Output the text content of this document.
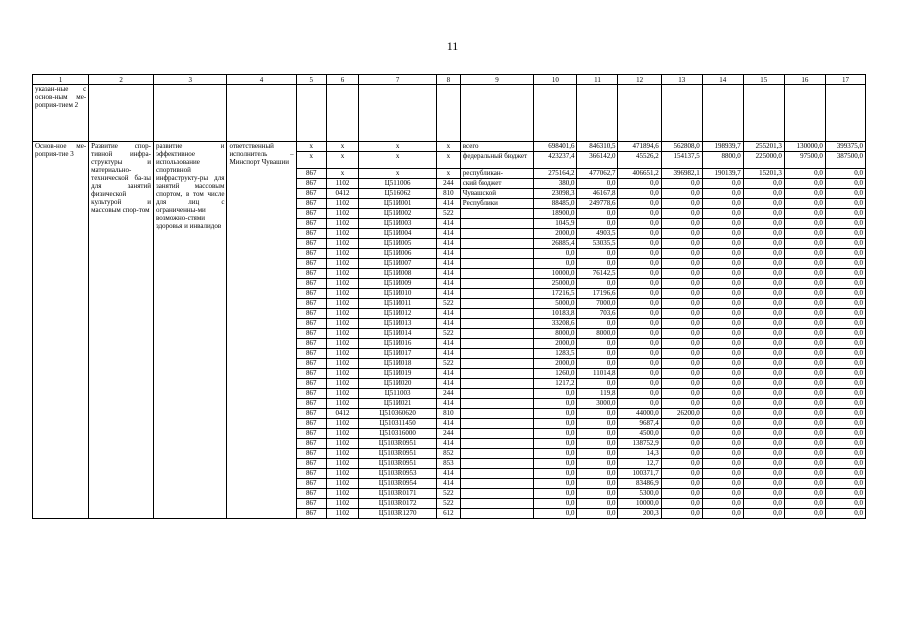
11
1	2	3	4	5	6	7	8	9	10	11	12	13	14	15	16	17
указан-ные с основ-ным ме-роприя-тием 2																
Основ-ное ме-роприя-тие 3	Развитие спор-тивной инфра-структуры и материально-технической ба-зы для занятий физической культурой и массовым спор-том	развитие и эффективное использование спортивной инфраструкту-ры для занятий массовым спортом, в том числе для лиц с ограниченны-ми возможно-стями здоровья и инвалидов	ответственный исполнитель – Минспорт Чувашии	x	x	x	x	всего	698401,6	846310,5	471894,6	562808,0	198939,7	255201,3	130000,0	399375,0
				x	x	x	x	федеральный бюджет	423237,4	366142,0	45526,2	154137,5	8800,0	225000,0	97500,0	387500,0
				867	x	x	x	республикан-	275164,2	477062,7	406651,2	396982,1	190139,7	15201,3	0,0	0,0
				867	1102	Ц511006	244	ский бюджет	380,0	0,0	0,0	0,0	0,0	0,0	0,0	0,0
				867	0412	Ц516062	810	Чувашской	23098,3	46167,8	0,0	0,0	0,0	0,0	0,0	0,0
				867	1102	Ц51И001	414	Республики	88485,0	249778,6	0,0	0,0	0,0	0,0	0,0	0,0
				867	1102	Ц51И002	522		18900,0	0,0	0,0	0,0	0,0	0,0	0,0	0,0
				867	1102	Ц51И003	414		1045,9	0,0	0,0	0,0	0,0	0,0	0,0	0,0
				867	1102	Ц51И004	414		2000,0	4903,5	0,0	0,0	0,0	0,0	0,0	0,0
				867	1102	Ц51И005	414		26885,4	53035,5	0,0	0,0	0,0	0,0	0,0	0,0
				867	1102	Ц51И006	414		0,0	0,0	0,0	0,0	0,0	0,0	0,0	0,0
				867	1102	Ц51И007	414		0,0	0,0	0,0	0,0	0,0	0,0	0,0	0,0
				867	1102	Ц51И008	414		10000,0	76142,5	0,0	0,0	0,0	0,0	0,0	0,0
				867	1102	Ц51И009	414		25000,0	0,0	0,0	0,0	0,0	0,0	0,0	0,0
				867	1102	Ц51И010	414		17216,5	17196,6	0,0	0,0	0,0	0,0	0,0	0,0
				867	1102	Ц51И011	522		5000,0	7000,0	0,0	0,0	0,0	0,0	0,0	0,0
				867	1102	Ц51И012	414		10183,8	703,6	0,0	0,0	0,0	0,0	0,0	0,0
				867	1102	Ц51И013	414		33208,6	0,0	0,0	0,0	0,0	0,0	0,0	0,0
				867	1102	Ц51И014	522		8000,0	8000,0	0,0	0,0	0,0	0,0	0,0	0,0
				867	1102	Ц51И016	414		2000,0	0,0	0,0	0,0	0,0	0,0	0,0	0,0
				867	1102	Ц51И017	414		1283,5	0,0	0,0	0,0	0,0	0,0	0,0	0,0
				867	1102	Ц51И018	522		2000,0	0,0	0,0	0,0	0,0	0,0	0,0	0,0
				867	1102	Ц51И019	414		1260,0	11014,8	0,0	0,0	0,0	0,0	0,0	0,0
				867	1102	Ц51И020	414		1217,2	0,0	0,0	0,0	0,0	0,0	0,0	0,0
				867	1102	Ц511003	244		0,0	119,8	0,0	0,0	0,0	0,0	0,0	0,0
				867	1102	Ц51И021	414		0,0	3000,0	0,0	0,0	0,0	0,0	0,0	0,0
				867	0412	Ц510360620	810		0,0	0,0	44000,0	26200,0	0,0	0,0	0,0	0,0
				867	1102	Ц510311450	414		0,0	0,0	9687,4	0,0	0,0	0,0	0,0	0,0
				867	1102	Ц510316000	244		0,0	0,0	4500,0	0,0	0,0	0,0	0,0	0,0
				867	1102	Ц5103R0951	414		0,0	0,0	138752,9	0,0	0,0	0,0	0,0	0,0
				867	1102	Ц5103R0951	852		0,0	0,0	14,3	0,0	0,0	0,0	0,0	0,0
				867	1102	Ц5103R0951	853		0,0	0,0	12,7	0,0	0,0	0,0	0,0	0,0
				867	1102	Ц5103R0953	414		0,0	0,0	100371,7	0,0	0,0	0,0	0,0	0,0
				867	1102	Ц5103R0954	414		0,0	0,0	83486,9	0,0	0,0	0,0	0,0	0,0
				867	1102	Ц5103R0171	522		0,0	0,0	5300,0	0,0	0,0	0,0	0,0	0,0
				867	1102	Ц5103R0172	522		0,0	0,0	10000,0	0,0	0,0	0,0	0,0	0,0
				867	1102	Ц5103R1270	612		0,0	0,0	200,3	0,0	0,0	0,0	0,0	0,0
